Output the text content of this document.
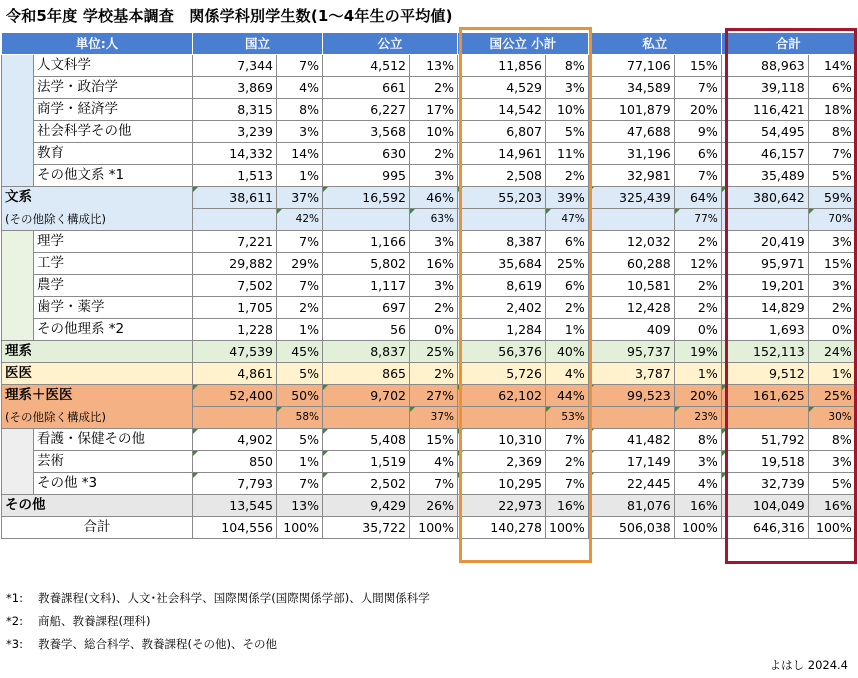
令和5年度 学校基本調査　関係学科別学生数(1～4年生の平均値)
単位:人		国立		公立		国公立 小計		私立		合計	
	人文科学	7,344	7%	4,512	13%	11,856	8%	77,106	15%	88,963	14%
	法学・政治学	3,869	4%	661	2%	4,529	3%	34,589	7%	39,118	6%
	商学・経済学	8,315	8%	6,227	17%	14,542	10%	101,879	20%	116,421	18%
	社会科学その他	3,239	3%	3,568	10%	6,807	5%	47,688	9%	54,495	8%
	教育	14,332	14%	630	2%	14,961	11%	31,196	6%	46,157	7%
	その他文系 *1	1,513	1%	995	3%	2,508	2%	32,981	7%	35,489	5%
文系		38,611	37%	16,592	46%	55,203	39%	325,439	64%	380,642	59%
(その他除く構成比)			42%		63%		47%		77%		70%
	理学	7,221	7%	1,166	3%	8,387	6%	12,032	2%	20,419	3%
	工学	29,882	29%	5,802	16%	35,684	25%	60,288	12%	95,971	15%
	農学	7,502	7%	1,117	3%	8,619	6%	10,581	2%	19,201	3%
	歯学・薬学	1,705	2%	697	2%	2,402	2%	12,428	2%	14,829	2%
	その他理系 *2	1,228	1%	56	0%	1,284	1%	409	0%	1,693	0%
理系		47,539	45%	8,837	25%	56,376	40%	95,737	19%	152,113	24%
医医		4,861	5%	865	2%	5,726	4%	3,787	1%	9,512	1%
理系＋医医		52,400	50%	9,702	27%	62,102	44%	99,523	20%	161,625	25%
(その他除く構成比)			58%		37%		53%		23%		30%
	看護・保健その他	4,902	5%	5,408	15%	10,310	7%	41,482	8%	51,792	8%
	芸術	850	1%	1,519	4%	2,369	2%	17,149	3%	19,518	3%
	その他 *3	7,793	7%	2,502	7%	10,295	7%	22,445	4%	32,739	5%
その他		13,545	13%	9,429	26%	22,973	16%	81,076	16%	104,049	16%
合計		104,556	100%	35,722	100%	140,278	100%	506,038	100%	646,316	100%
*1: 教養課程(文科)、人文･社会科学、国際関係学(国際関係学部)、人間関係科学
*2: 商船、教養課程(理科)
*3: 教養学、総合科学、教養課程(その他)、その他
よはし 2024.4
